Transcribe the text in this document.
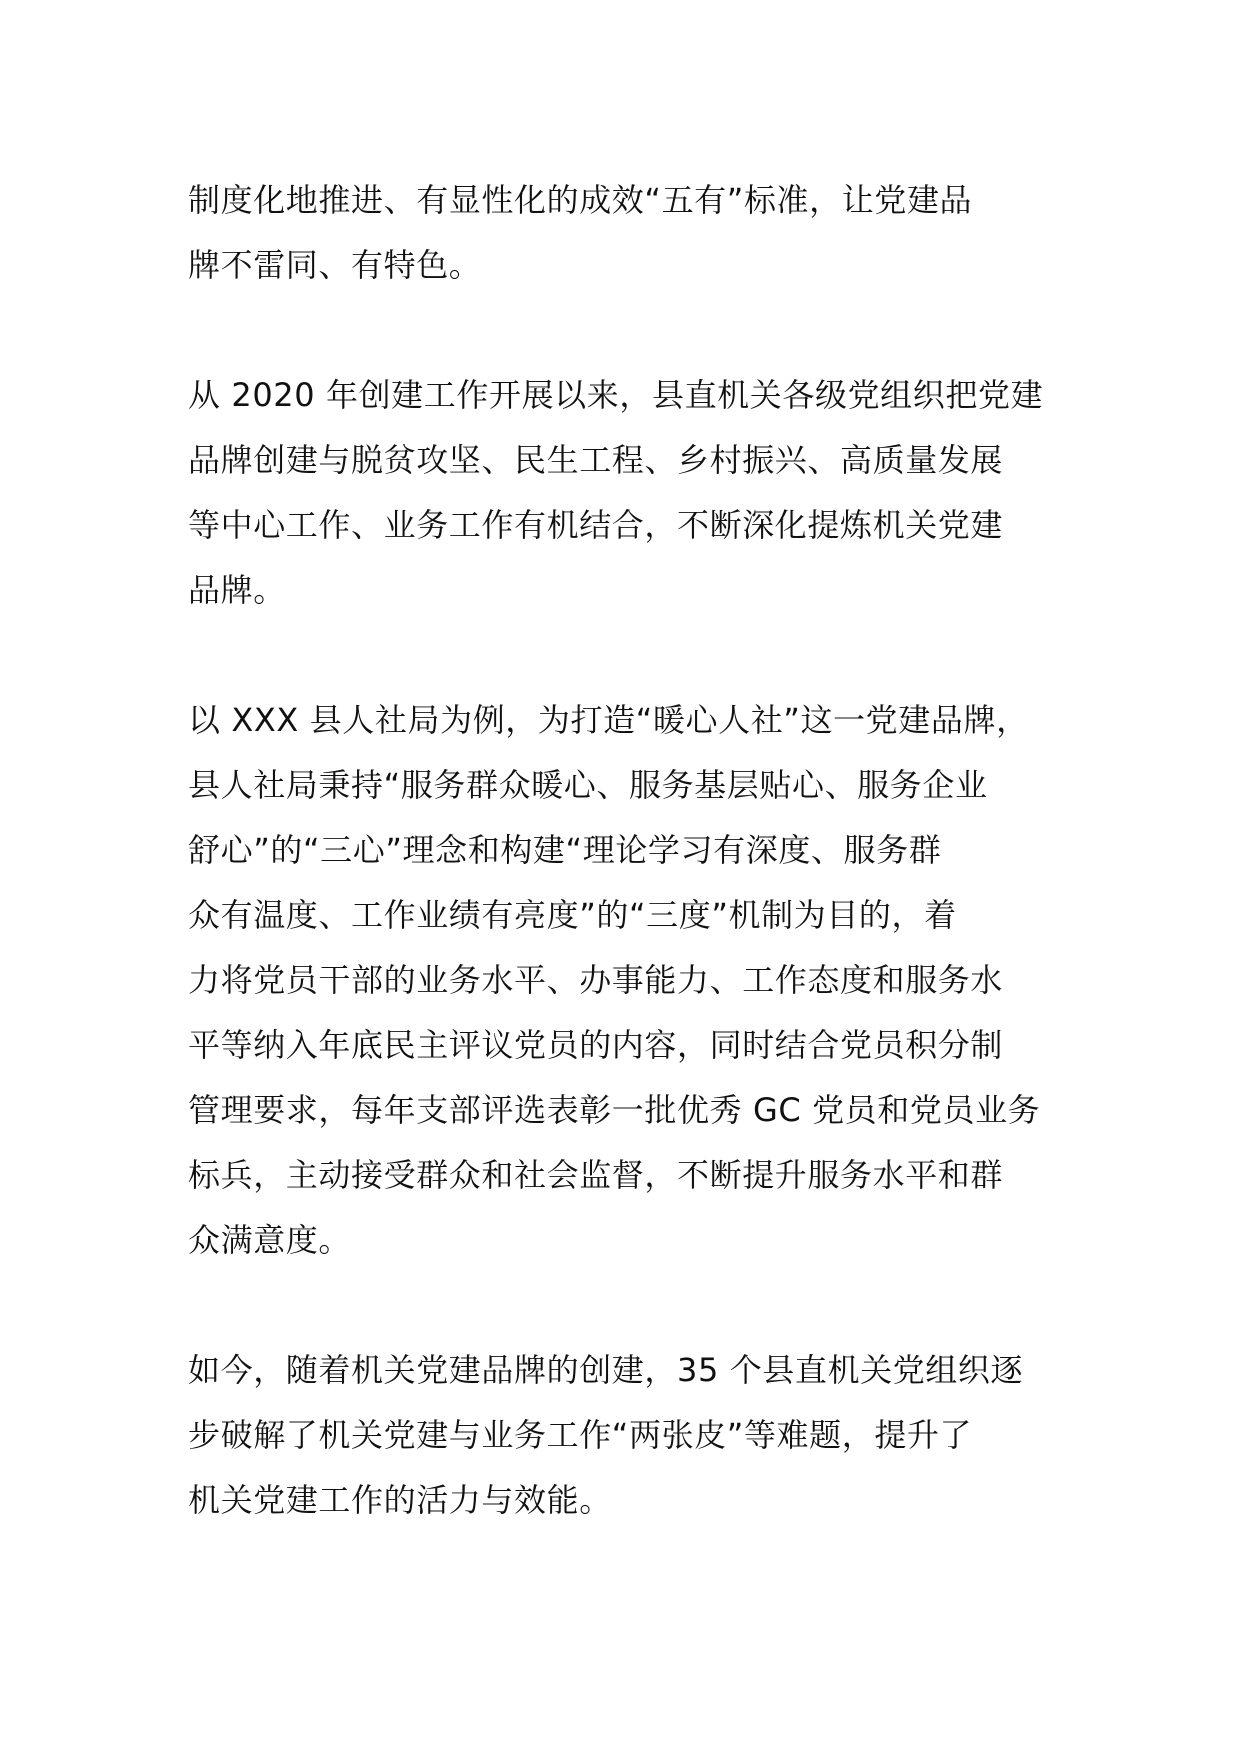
制度化地推进、有显性化的成效“五有”标准，让党建品
牌不雷同、有特色。

从 2020 年创建工作开展以来，县直机关各级党组织把党建
品牌创建与脱贫攻坚、民生工程、乡村振兴、高质量发展
等中心工作、业务工作有机结合，不断深化提炼机关党建
品牌。

以 XXX 县人社局为例，为打造“暖心人社”这一党建品牌，
县人社局秉持“服务群众暖心、服务基层贴心、服务企业
舒心”的“三心”理念和构建“理论学习有深度、服务群
众有温度、工作业绩有亮度”的“三度”机制为目的，着
力将党员干部的业务水平、办事能力、工作态度和服务水
平等纳入年底民主评议党员的内容，同时结合党员积分制
管理要求，每年支部评选表彰一批优秀 GC 党员和党员业务
标兵，主动接受群众和社会监督，不断提升服务水平和群
众满意度。

如今，随着机关党建品牌的创建，35 个县直机关党组织逐
步破解了机关党建与业务工作“两张皮”等难题，提升了
机关党建工作的活力与效能。
